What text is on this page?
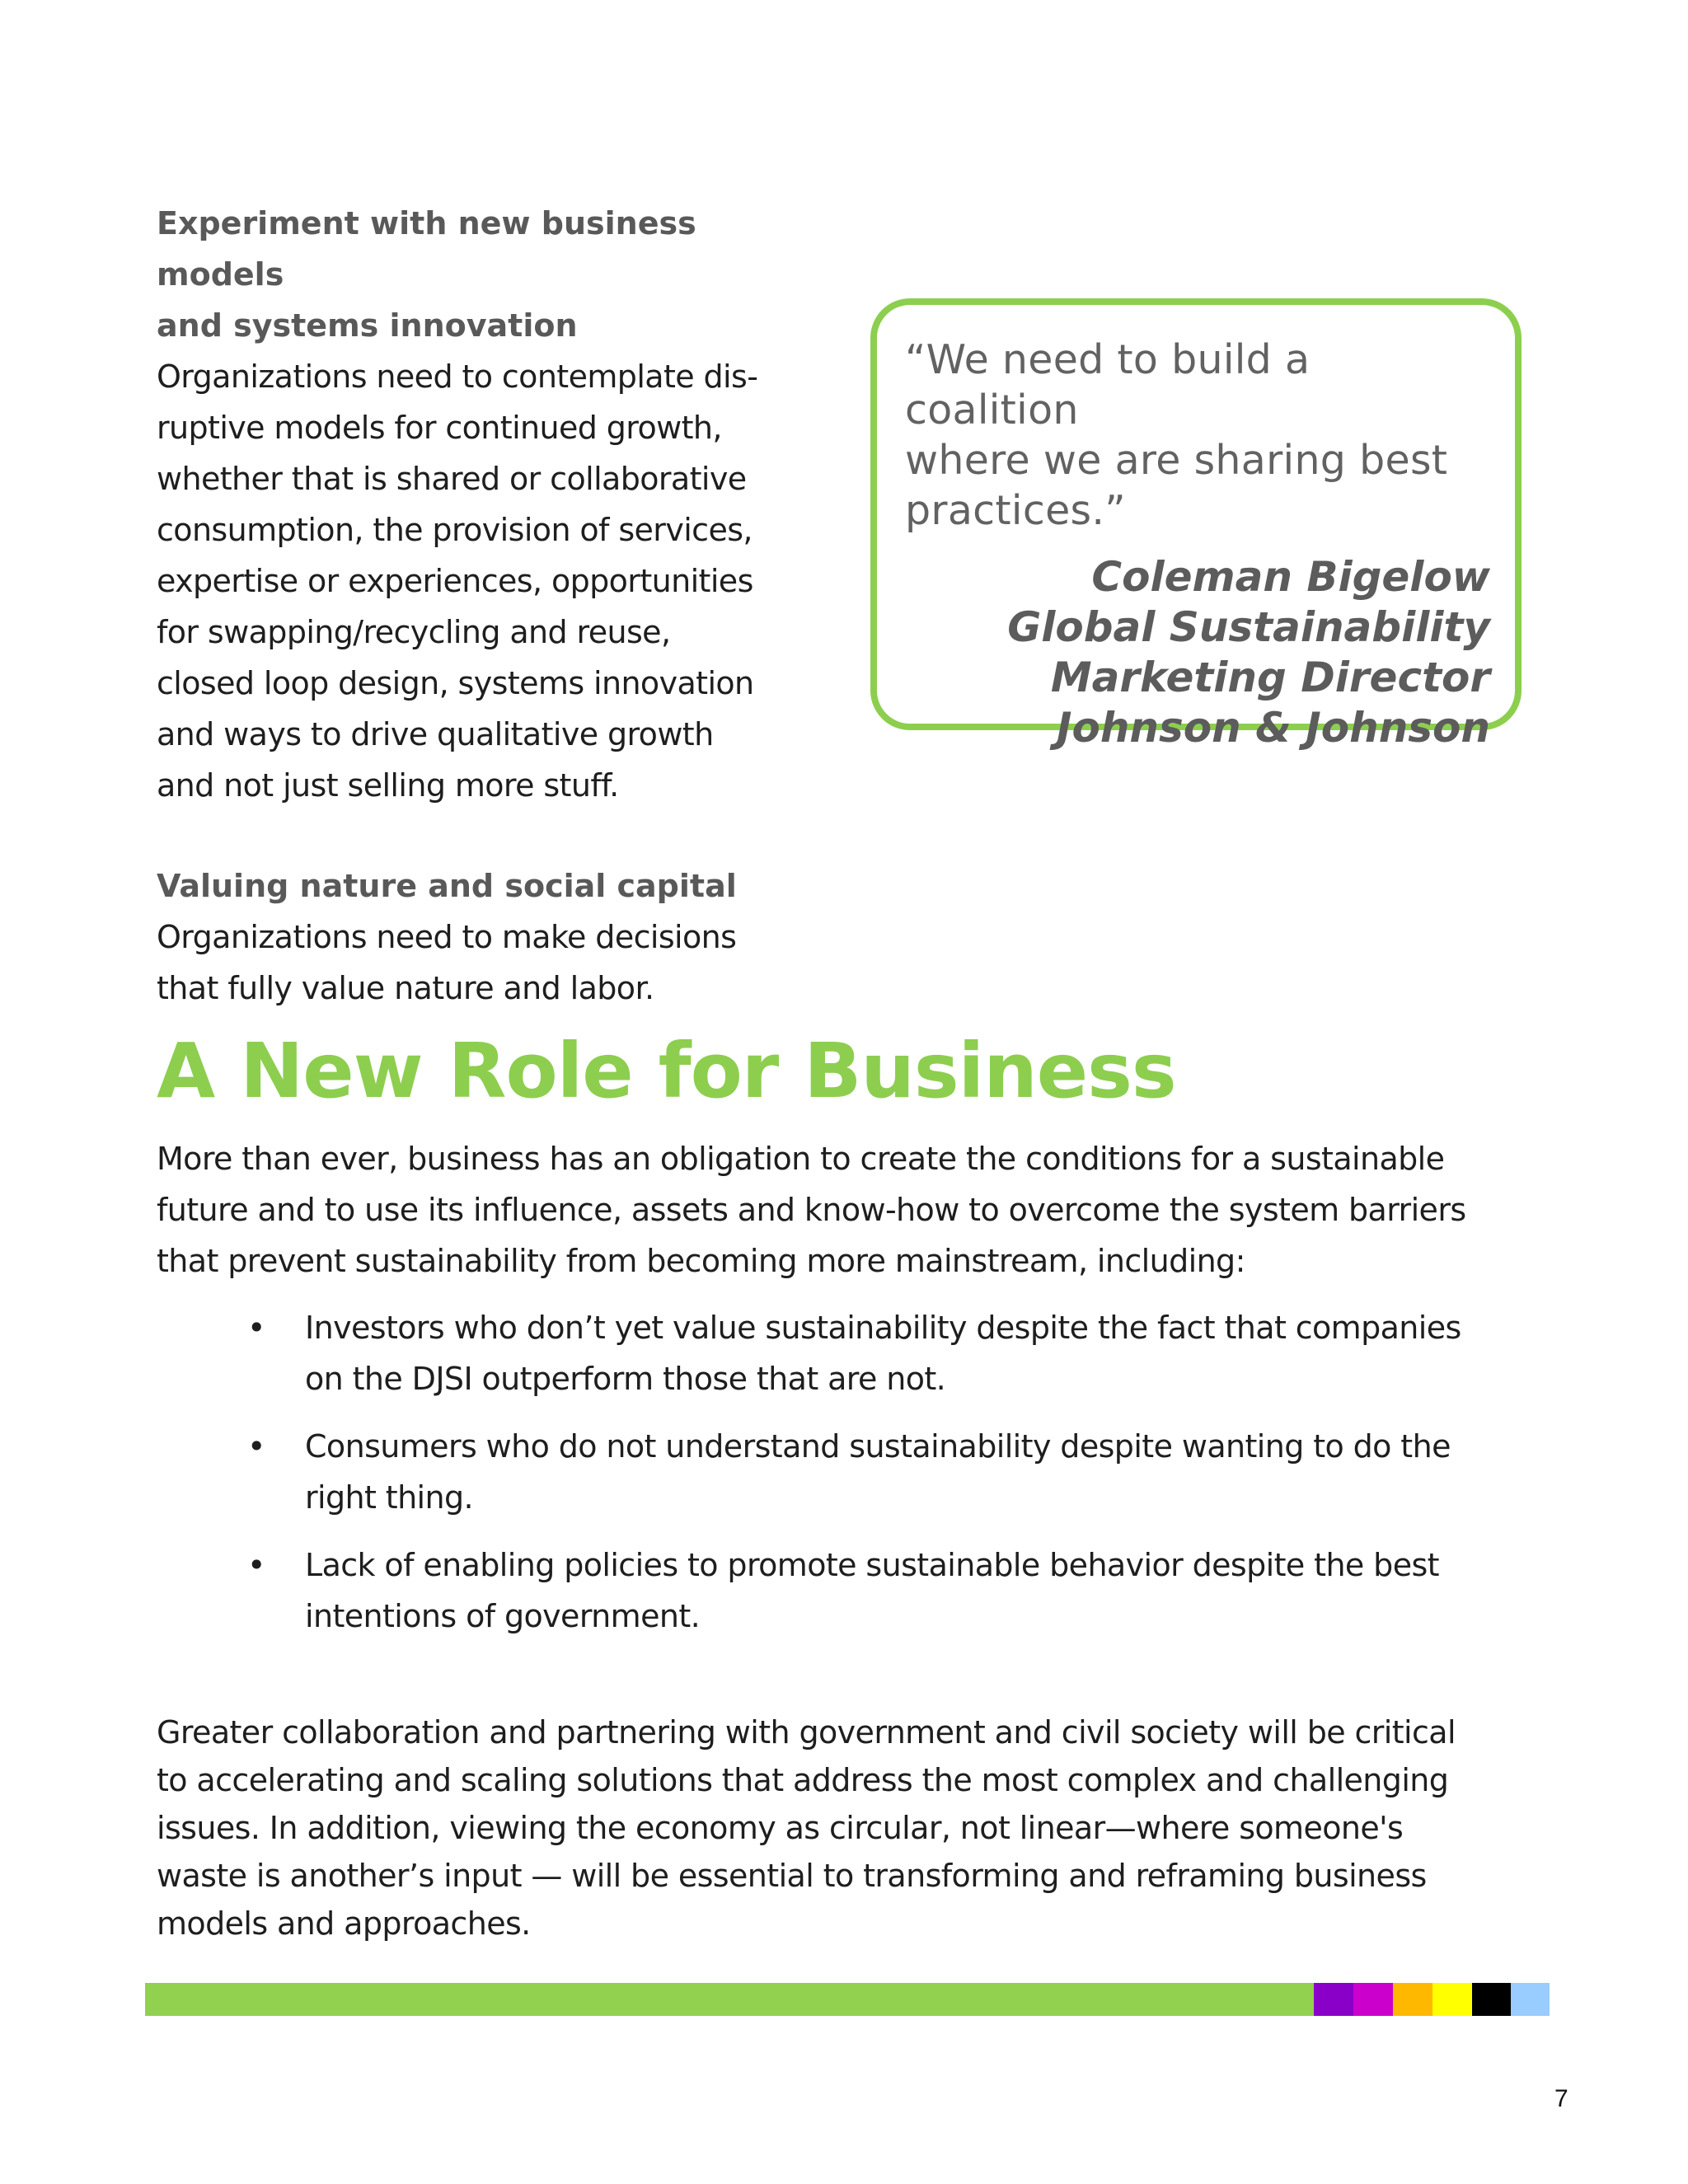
Experiment with new business models
and systems innovation

Organizations need to contemplate dis-
ruptive models for continued growth,
whether that is shared or collaborative
consumption, the provision of services,
expertise or experiences, opportunities
for swapping/recycling and reuse,
closed loop design, systems innovation
and ways to drive qualitative growth
and not just selling more stuff.

Valuing nature and social capital

Organizations need to make decisions
that fully value nature and labor.

“We need to build a coalition
where we are sharing best
practices.”

Coleman Bigelow
Global Sustainability
Marketing Director
Johnson & Johnson

A New Role for Business

More than ever, business has an obligation to create the conditions for a sustainable
future and to use its influence, assets and know-how to overcome the system barriers
that prevent sustainability from becoming more mainstream, including:

• Investors who don’t yet value sustainability despite the fact that companies
on the DJSI outperform those that are not.

• Consumers who do not understand sustainability despite wanting to do the
right thing.

• Lack of enabling policies to promote sustainable behavior despite the best
intentions of government.

Greater collaboration and partnering with government and civil society will be critical
to accelerating and scaling solutions that address the most complex and challenging
issues. In addition, viewing the economy as circular, not linear—where someone's
waste is another’s input — will be essential to transforming and reframing business
models and approaches.

7
